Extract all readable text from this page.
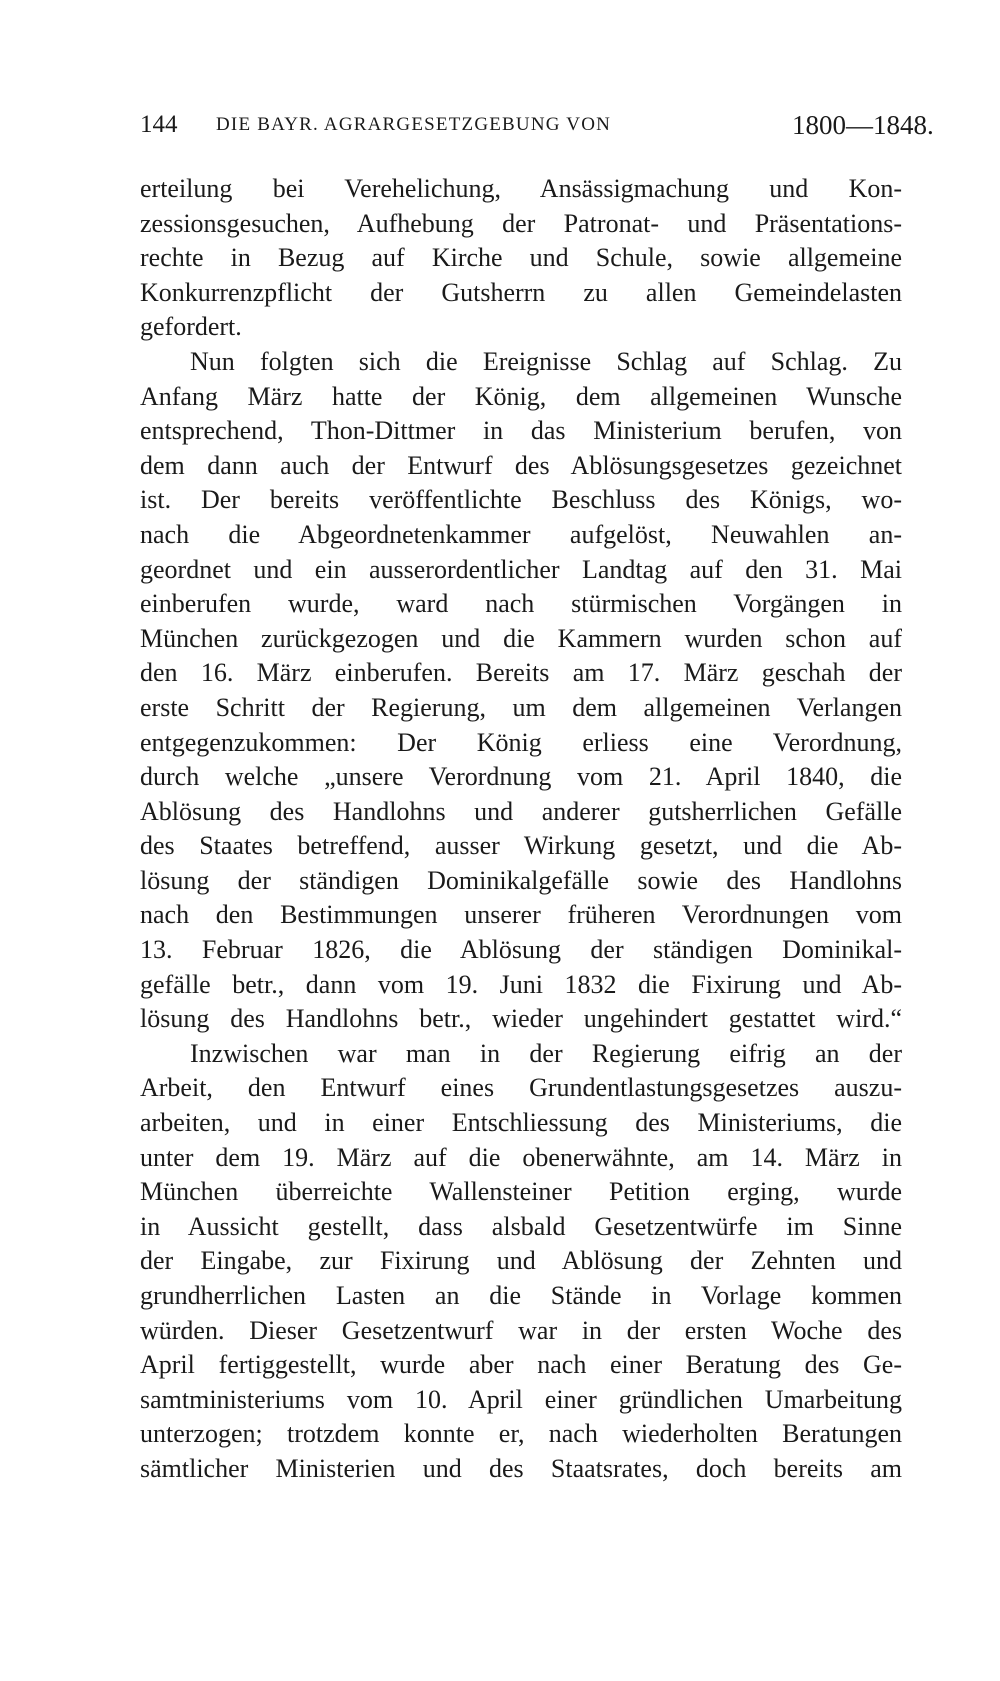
144 DIE BAYR. AGRARGESETZGEBUNG VON	1800—1848.
erteilung bei Verehelichung, Ansässigmachung und Kon-
zessionsgesuchen, Aufhebung der Patronat- und Präsentations-
rechte in Bezug auf Kirche und Schule, sowie allgemeine
Konkurrenzpflicht der Gutsherrn zu allen Gemeindelasten
gefordert.
Nun folgten sich die Ereignisse Schlag auf Schlag. Zu
Anfang März hatte der König, dem allgemeinen Wunsche
entsprechend, Thon-Dittmer in das Ministerium berufen, von
dem dann auch der Entwurf des Ablösungsgesetzes gezeichnet
ist. Der bereits veröffentlichte Beschluss des Königs, wo-
nach die Abgeordnetenkammer aufgelöst, Neuwahlen an-
geordnet und ein ausserordentlicher Landtag auf den 31. Mai
einberufen wurde, ward nach stürmischen Vorgängen in
München zurückgezogen und die Kammern wurden schon auf
den 16. März einberufen. Bereits am 17. März geschah der
erste Schritt der Regierung, um dem allgemeinen Verlangen
entgegenzukommen: Der König erliess eine Verordnung,
durch welche „unsere Verordnung vom 21. April 1840, die
Ablösung des Handlohns und anderer gutsherrlichen Gefälle
des Staates betreffend, ausser Wirkung gesetzt, und die Ab-
lösung der ständigen Dominikalgefälle sowie des Handlohns
nach den Bestimmungen unserer früheren Verordnungen vom
13. Februar 1826, die Ablösung der ständigen Dominikal-
gefälle betr., dann vom 19. Juni 1832 die Fixirung und Ab-
lösung des Handlohns betr., wieder ungehindert gestattet wird.“
Inzwischen war man in der Regierung eifrig an der
Arbeit, den Entwurf eines Grundentlastungsgesetzes auszu-
arbeiten, und in einer Entschliessung des Ministeriums, die
unter dem 19. März auf die obenerwähnte, am 14. März in
München überreichte Wallensteiner Petition erging, wurde
in Aussicht gestellt, dass alsbald Gesetzentwürfe im Sinne
der Eingabe, zur Fixirung und Ablösung der Zehnten und
grundherrlichen Lasten an die Stände in Vorlage kommen
würden. Dieser Gesetzentwurf war in der ersten Woche des
April fertiggestellt, wurde aber nach einer Beratung des Ge-
samtministeriums vom 10. April einer gründlichen Umarbeitung
unterzogen; trotzdem konnte er, nach wiederholten Beratungen
sämtlicher Ministerien und des Staatsrates, doch bereits am
